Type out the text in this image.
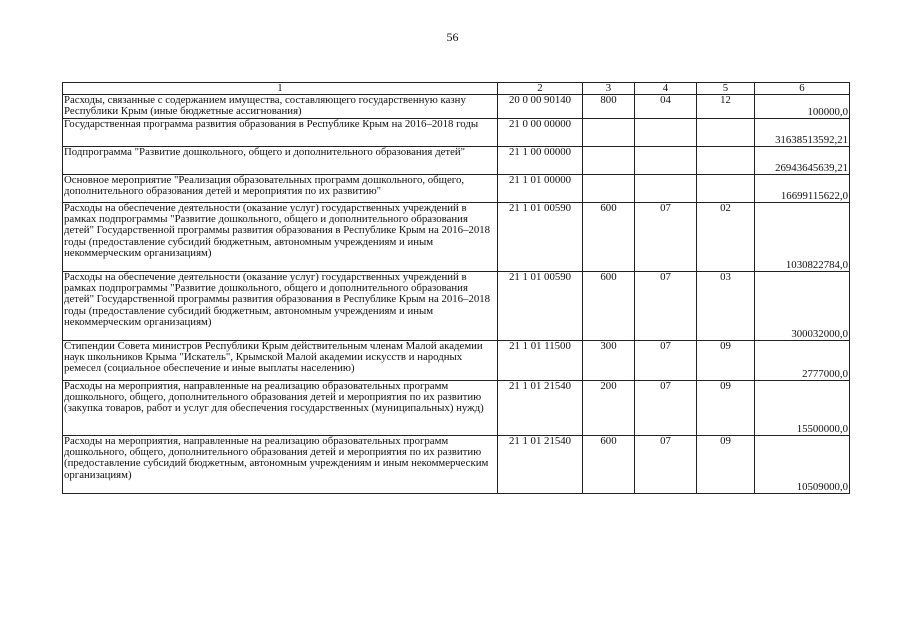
56
1	2	3	4	5	6
Расходы, связанные с содержанием имущества, составляющего государственную казну Республики Крым (иные бюджетные ассигнования)	20 0 00 90140	800	04	12	100000,0
Государственная программа развития образования в Республике Крым на 2016–2018 годы	21 0 00 00000				31638513592,21
Подпрограмма "Развитие дошкольного, общего и дополнительного образования детей"	21 1 00 00000				26943645639,21
Основное мероприятие "Реализация образовательных программ дошкольного, общего, дополнительного образования детей и мероприятия по их развитию"	21 1 01 00000				16699115622,0
Расходы на обеспечение деятельности (оказание услуг) государственных учреждений в рамках подпрограммы "Развитие дошкольного, общего и дополнительного образования детей" Государственной программы развития образования в Республике Крым на 2016–2018 годы (предоставление субсидий бюджетным, автономным учреждениям и иным некоммерческим организациям)	21 1 01 00590	600	07	02	1030822784,0
Расходы на обеспечение деятельности (оказание услуг) государственных учреждений в рамках подпрограммы "Развитие дошкольного, общего и дополнительного образования детей" Государственной программы развития образования в Республике Крым на 2016–2018 годы (предоставление субсидий бюджетным, автономным учреждениям и иным некоммерческим организациям)	21 1 01 00590	600	07	03	300032000,0
Стипендии Совета министров Республики Крым действительным членам Малой академии наук школьников Крыма "Искатель", Крымской Малой академии искусств и народных ремесел (социальное обеспечение и иные выплаты населению)	21 1 01 11500	300	07	09	2777000,0
Расходы на мероприятия, направленные на реализацию образовательных программ дошкольного, общего, дополнительного образования детей и мероприятия по их развитию (закупка товаров, работ и услуг для обеспечения государственных (муниципальных) нужд)	21 1 01 21540	200	07	09	15500000,0
Расходы на мероприятия, направленные на реализацию образовательных программ дошкольного, общего, дополнительного образования детей и мероприятия по их развитию (предоставление субсидий бюджетным, автономным учреждениям и иным некоммерческим организациям)	21 1 01 21540	600	07	09	10509000,0
